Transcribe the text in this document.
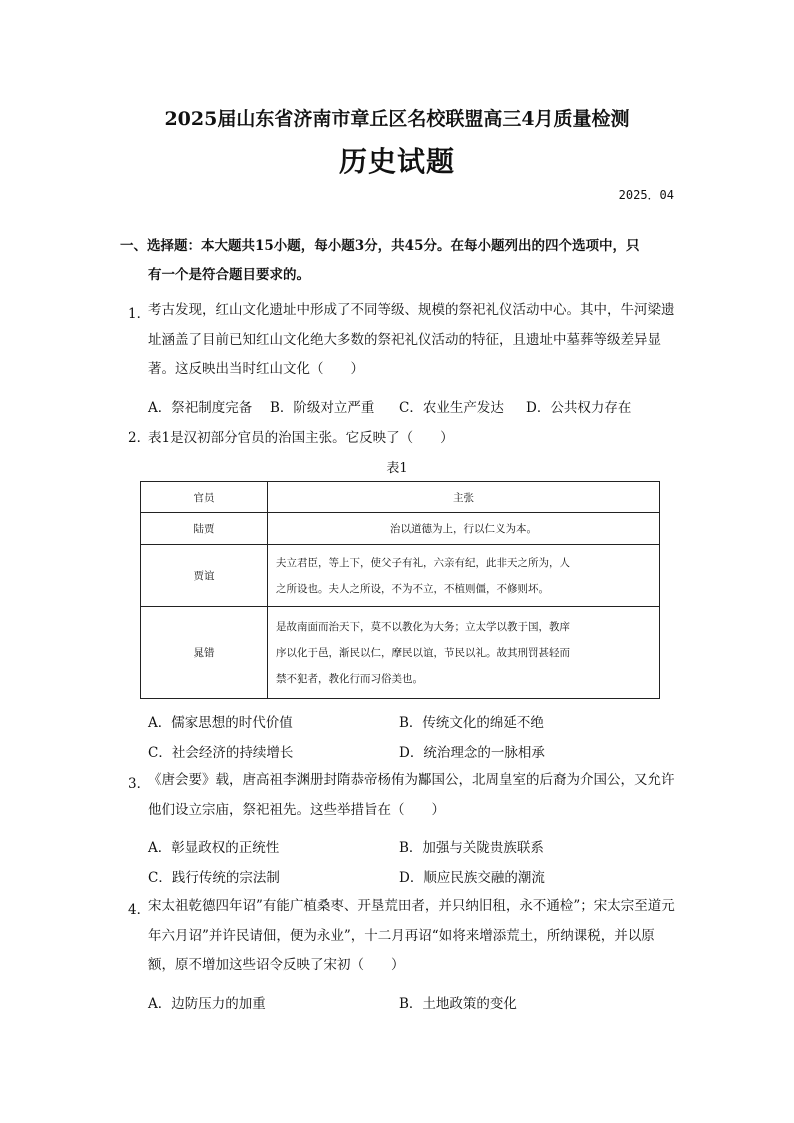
2025届山东省济南市章丘区名校联盟高三4月质量检测
历史试题
2025．04
一、选择题：本大题共15小题，每小题3分，共45分。在每小题列出的四个选项中，只
有一个是符合题目要求的。
1．
考古发现，红山文化遗址中形成了不同等级、规模的祭祀礼仪活动中心。其中，牛河梁遗址涵盖了目前已知红山文化绝大多数的祭祀礼仪活动的特征，且遗址中墓葬等级差异显著。这反映出当时红山文化（　　）
A．祭祀制度完备 B．阶级对立严重 C．农业生产发达 D．公共权力存在
2．
表1是汉初部分官员的治国主张。它反映了（　　）
表1
官员	主张
陆贾	治以道德为上，行以仁义为本。
贾谊	夫立君臣，等上下，使父子有礼，六亲有纪，此非天之所为，人
之所设也。夫人之所设，不为不立，不植则僵，不修则坏。

晁错	是故南面而治天下，莫不以教化为大务；立太学以教于国，教庠
序以化于邑，渐民以仁，摩民以谊，节民以礼。故其刑罚甚轻而
禁不犯者，教化行而习俗美也。
A．儒家思想的时代价值	B．传统文化的绵延不绝
C．社会经济的持续增长	D．统治理念的一脉相承
3．
《唐会要》载，唐高祖李渊册封隋恭帝杨侑为酅国公，北周皇室的后裔为介国公，又允许他们设立宗庙，祭祀祖先。这些举措旨在（　　）
A．彰显政权的正统性	B．加强与关陇贵族联系
C．践行传统的宗法制	D．顺应民族交融的潮流
4．
宋太祖乾德四年诏”有能广植桑枣、开垦荒田者，并只纳旧租，永不通检”；宋太宗至道元年六月诏”并许民请佃，便为永业”，十二月再诏“如将来增添荒土，所纳课税，并以原额，原不增加这些诏令反映了宋初（　　）
A．边防压力的加重	B．土地政策的变化
